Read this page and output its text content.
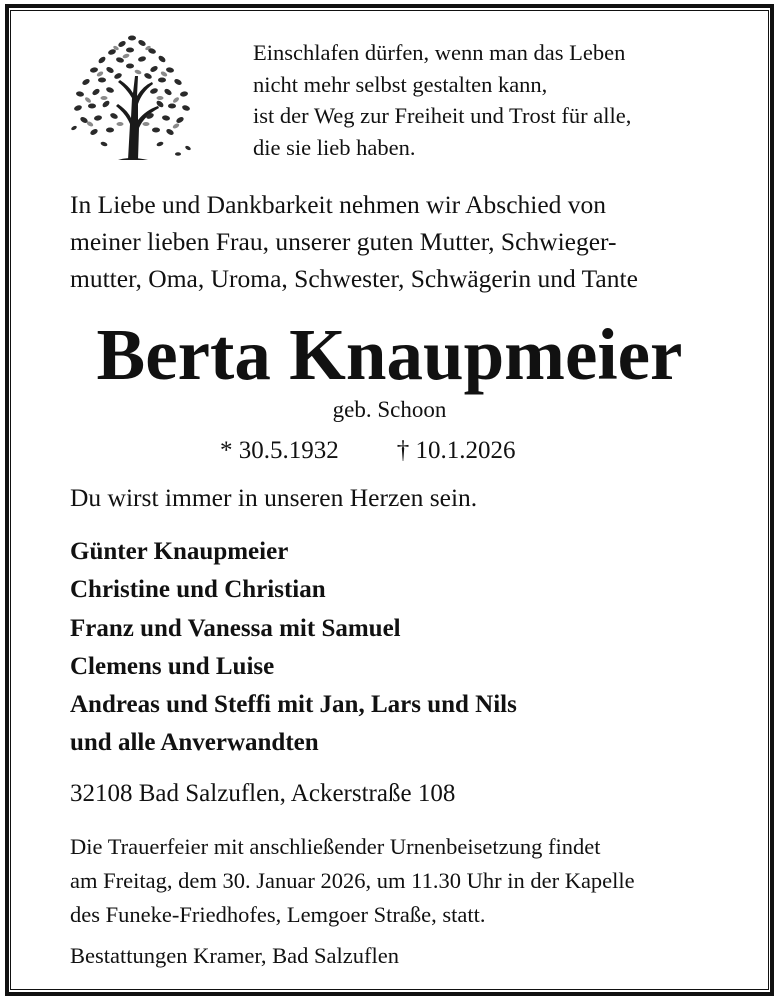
Einschlafen dürfen, wenn man das Leben
nicht mehr selbst gestalten kann,
ist der Weg zur Freiheit und Trost für alle,
die sie lieb haben.
In Liebe und Dankbarkeit nehmen wir Abschied von
meiner lieben Frau, unserer guten Mutter, Schwieger-
mutter, Oma, Uroma, Schwester, Schwägerin und Tante
Berta Knaupmeier
geb. Schoon
* 30.5.1932 † 10.1.2026
Du wirst immer in unseren Herzen sein.
Günter Knaupmeier
Christine und Christian
Franz und Vanessa mit Samuel
Clemens und Luise
Andreas und Steffi mit Jan, Lars und Nils
und alle Anverwandten
32108 Bad Salzuflen, Ackerstraße 108
Die Trauerfeier mit anschließender Urnenbeisetzung findet
am Freitag, dem 30. Januar 2026, um 11.30 Uhr in der Kapelle
des Funeke-Friedhofes, Lemgoer Straße, statt.
Bestattungen Kramer, Bad Salzuflen
